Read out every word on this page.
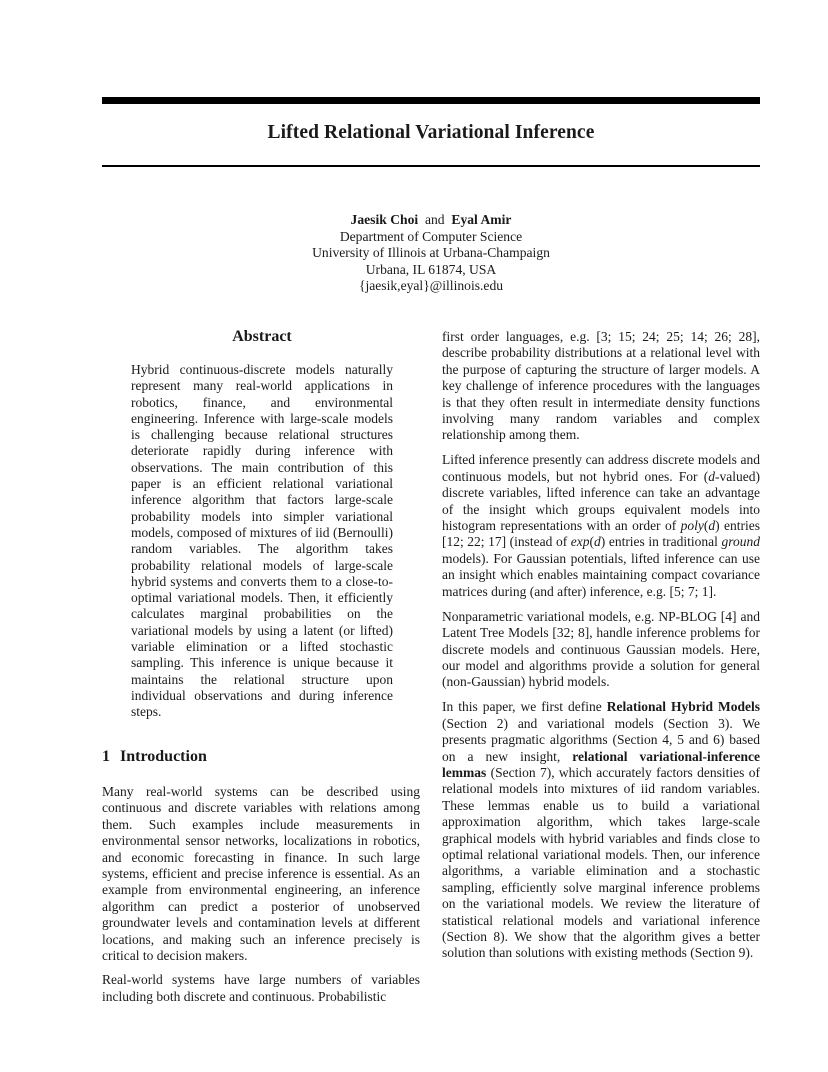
Lifted Relational Variational Inference
Jaesik Choi and Eyal Amir
Department of Computer Science
University of Illinois at Urbana-Champaign
Urbana, IL 61874, USA
{jaesik,eyal}@illinois.edu
Abstract
Hybrid continuous-discrete models naturally represent many real-world applications in robotics, finance, and environmental engineering. Inference with large-scale models is challenging because relational structures deteriorate rapidly during inference with observations. The main contribution of this paper is an efficient relational variational inference algorithm that factors large-scale probability models into simpler variational models, composed of mixtures of iid (Bernoulli) random variables. The algorithm takes probability relational models of large-scale hybrid systems and converts them to a close-to-optimal variational models. Then, it efficiently calculates marginal probabilities on the variational models by using a latent (or lifted) variable elimination or a lifted stochastic sampling. This inference is unique because it maintains the relational structure upon individual observations and during inference steps.
1 Introduction

Many real-world systems can be described using continuous and discrete variables with relations among them. Such examples include measurements in environmental sensor networks, localizations in robotics, and economic forecasting in finance. In such large systems, efficient and precise inference is essential. As an example from environmental engineering, an inference algorithm can predict a posterior of unobserved groundwater levels and contamination levels at different locations, and making such an inference precisely is critical to decision makers.

Real-world systems have large numbers of variables including both discrete and continuous. Probabilistic

first order languages, e.g. [3; 15; 24; 25; 14; 26; 28], describe probability distributions at a relational level with the purpose of capturing the structure of larger models. A key challenge of inference procedures with the languages is that they often result in intermediate density functions involving many random variables and complex relationship among them.

Lifted inference presently can address discrete models and continuous models, but not hybrid ones. For (d-valued) discrete variables, lifted inference can take an advantage of the insight which groups equivalent models into histogram representations with an order of poly(d) entries [12; 22; 17] (instead of exp(d) entries in traditional ground models). For Gaussian potentials, lifted inference can use an insight which enables maintaining compact covariance matrices during (and after) inference, e.g. [5; 7; 1].

Nonparametric variational models, e.g. NP-BLOG [4] and Latent Tree Models [32; 8], handle inference problems for discrete models and continuous Gaussian models. Here, our model and algorithms provide a solution for general (non-Gaussian) hybrid models.

In this paper, we first define Relational Hybrid Models (Section 2) and variational models (Section 3). We presents pragmatic algorithms (Section 4, 5 and 6) based on a new insight, relational variational-inference lemmas (Section 7), which accurately factors densities of relational models into mixtures of iid random variables. These lemmas enable us to build a variational approximation algorithm, which takes large-scale graphical models with hybrid variables and finds close to optimal relational variational models. Then, our inference algorithms, a variable elimination and a stochastic sampling, efficiently solve marginal inference problems on the variational models. We review the literature of statistical relational models and variational inference (Section 8). We show that the algorithm gives a better solution than solutions with existing methods (Section 9).
